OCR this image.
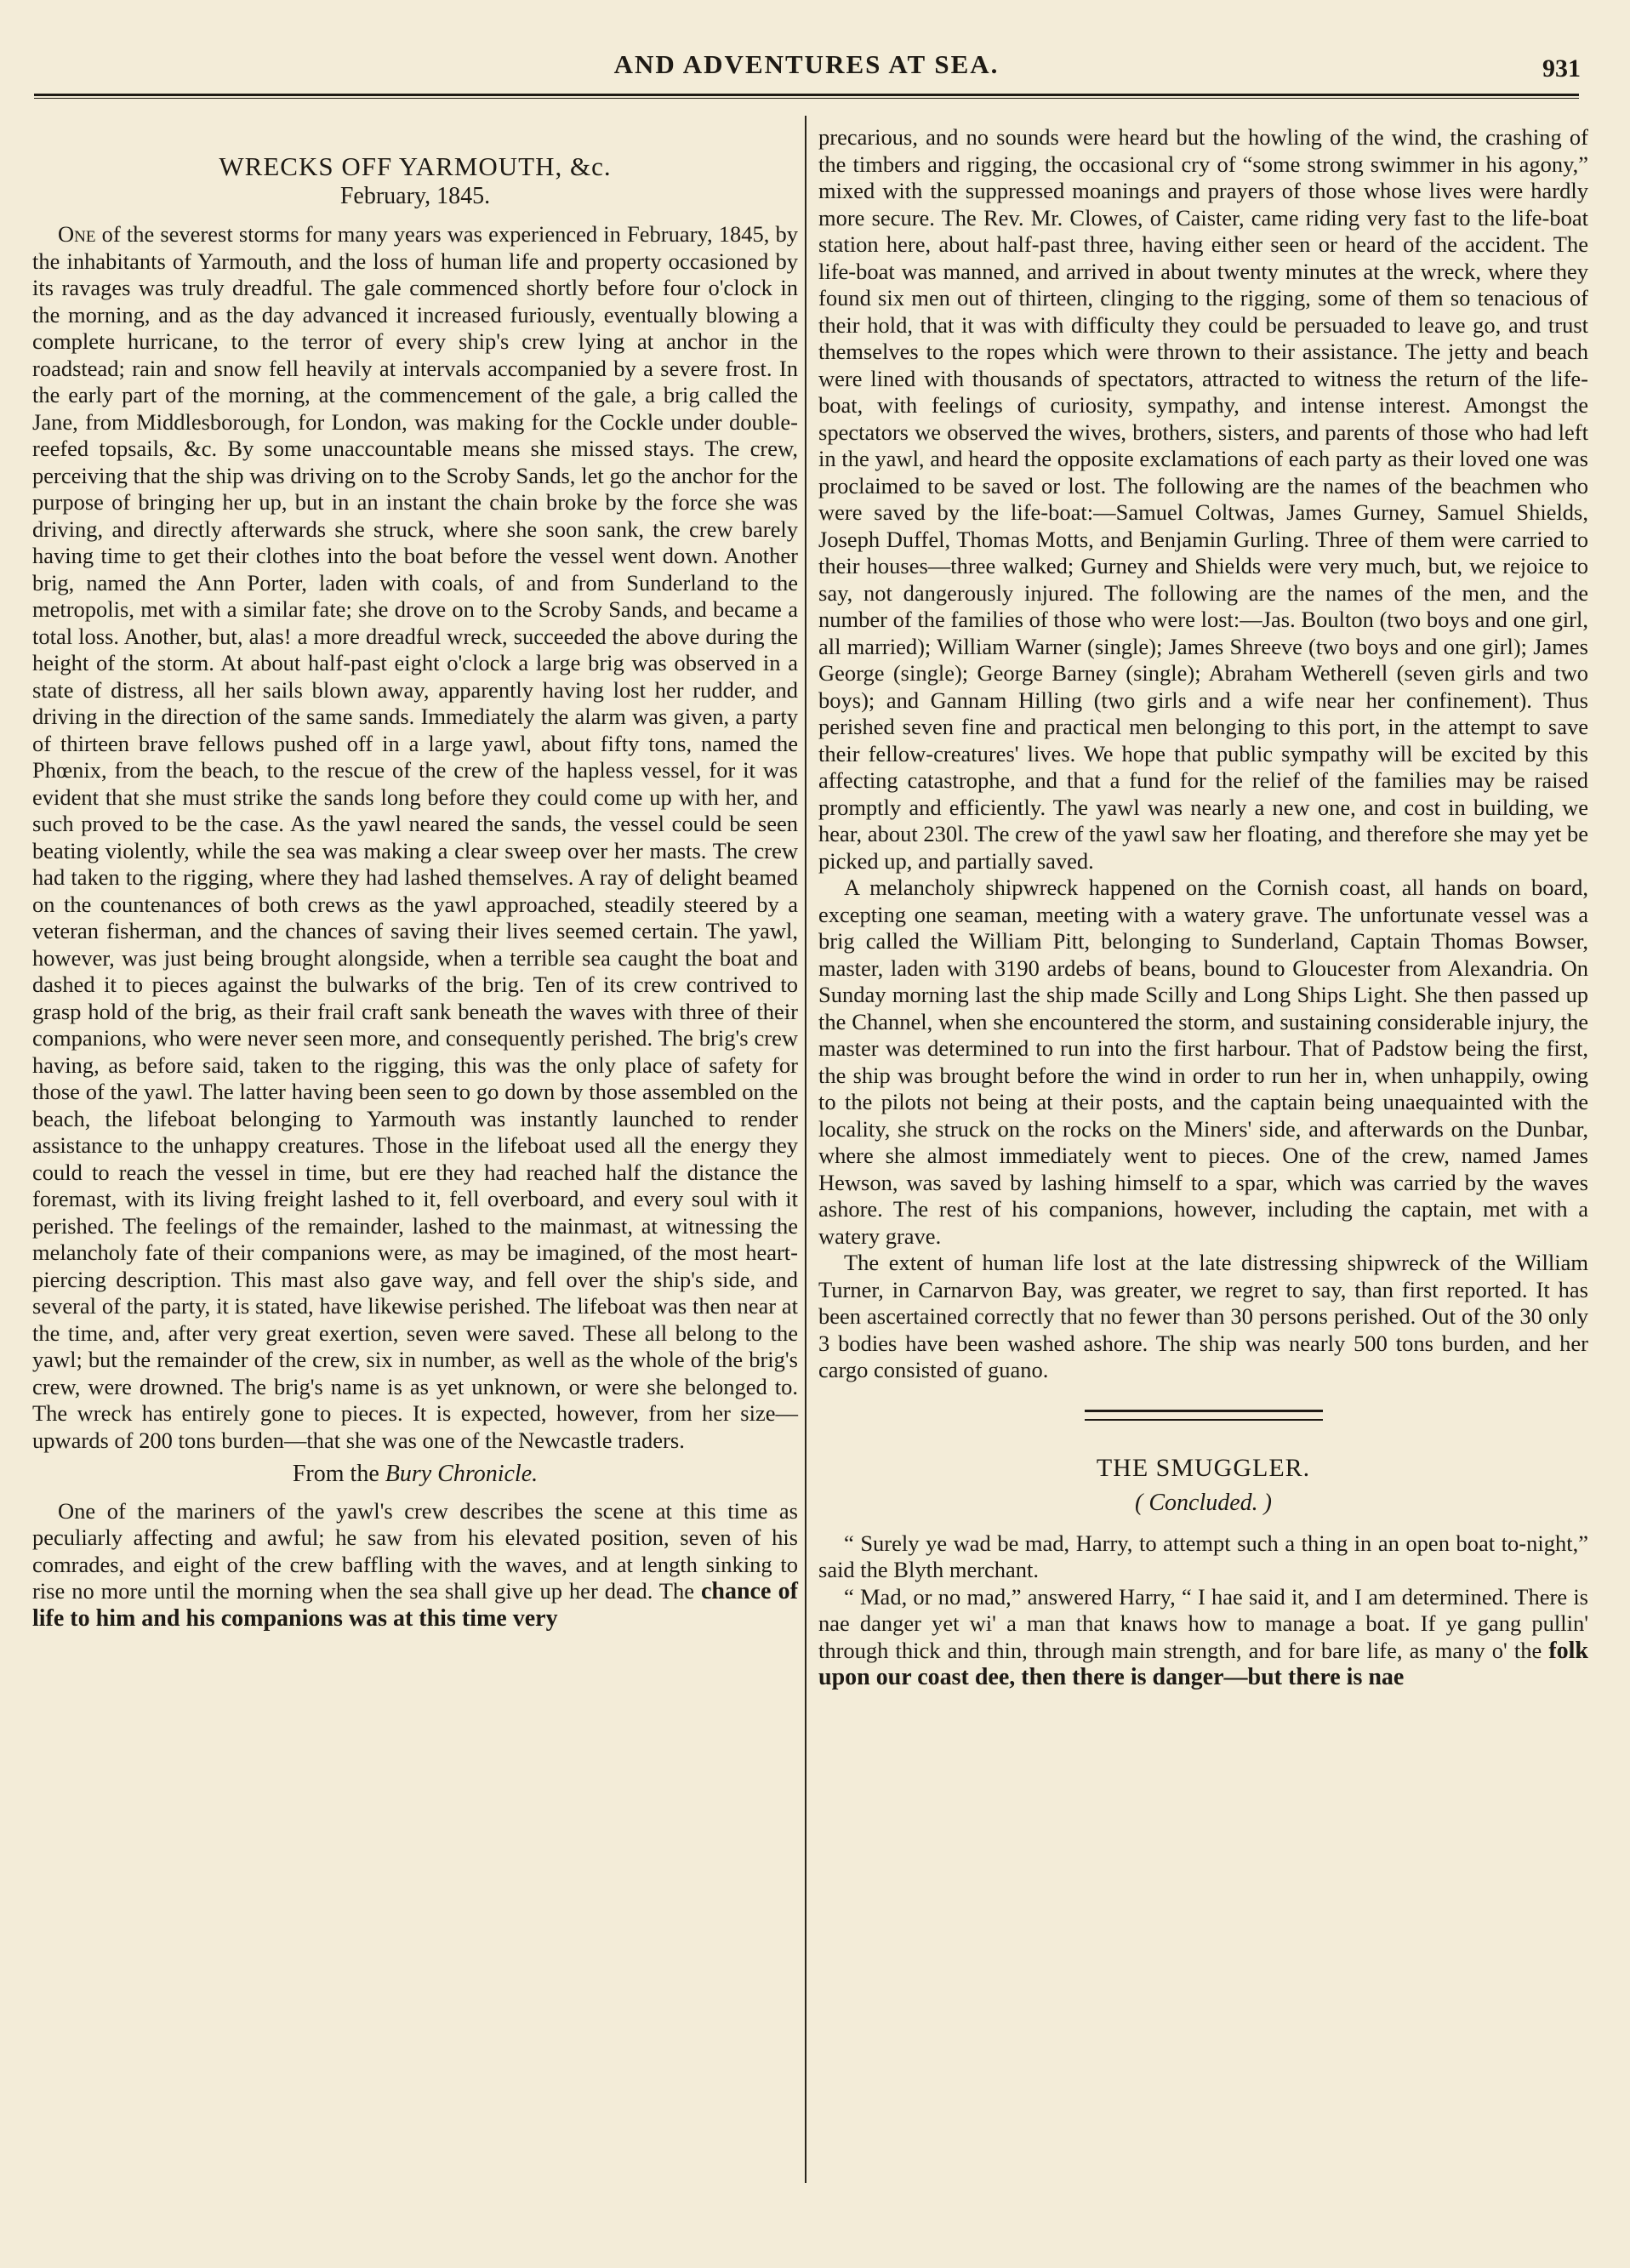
AND ADVENTURES AT SEA.	931
WRECKS OFF YARMOUTH, &c.
February, 1845.

One of the severest storms for many years was experienced in February, 1845, by the inhabitants of Yarmouth, and the loss of human life and property occasioned by its ravages was truly dreadful. The gale commenced shortly before four o'clock in the morning, and as the day advanced it increased furiously, eventually blowing a complete hurricane, to the terror of every ship's crew lying at anchor in the roadstead; rain and snow fell heavily at intervals accompanied by a severe frost. In the early part of the morning, at the commencement of the gale, a brig called the Jane, from Middlesborough, for London, was making for the Cockle under double-reefed topsails, &c. By some unaccountable means she missed stays. The crew, perceiving that the ship was driving on to the Scroby Sands, let go the anchor for the purpose of bringing her up, but in an instant the chain broke by the force she was driving, and directly afterwards she struck, where she soon sank, the crew barely having time to get their clothes into the boat before the vessel went down. Another brig, named the Ann Porter, laden with coals, of and from Sunderland to the metropolis, met with a similar fate; she drove on to the Scroby Sands, and became a total loss. Another, but, alas! a more dreadful wreck, succeeded the above during the height of the storm. At about half-past eight o'clock a large brig was observed in a state of distress, all her sails blown away, apparently having lost her rudder, and driving in the direction of the same sands. Immediately the alarm was given, a party of thirteen brave fellows pushed off in a large yawl, about fifty tons, named the Phœnix, from the beach, to the rescue of the crew of the hapless vessel, for it was evident that she must strike the sands long before they could come up with her, and such proved to be the case. As the yawl neared the sands, the vessel could be seen beating violently, while the sea was making a clear sweep over her masts. The crew had taken to the rigging, where they had lashed themselves. A ray of delight beamed on the countenances of both crews as the yawl approached, steadily steered by a veteran fisherman, and the chances of saving their lives seemed certain. The yawl, however, was just being brought alongside, when a terrible sea caught the boat and dashed it to pieces against the bulwarks of the brig. Ten of its crew contrived to grasp hold of the brig, as their frail craft sank beneath the waves with three of their companions, who were never seen more, and consequently perished. The brig's crew having, as before said, taken to the rigging, this was the only place of safety for those of the yawl. The latter having been seen to go down by those assembled on the beach, the lifeboat belonging to Yarmouth was instantly launched to render assistance to the unhappy creatures. Those in the lifeboat used all the energy they could to reach the vessel in time, but ere they had reached half the distance the foremast, with its living freight lashed to it, fell overboard, and every soul with it perished. The feelings of the remainder, lashed to the mainmast, at witnessing the melancholy fate of their companions were, as may be imagined, of the most heart-piercing description. This mast also gave way, and fell over the ship's side, and several of the party, it is stated, have likewise perished. The lifeboat was then near at the time, and, after very great exertion, seven were saved. These all belong to the yawl; but the remainder of the crew, six in number, as well as the whole of the brig's crew, were drowned. The brig's name is as yet unknown, or were she belonged to. The wreck has entirely gone to pieces. It is expected, however, from her size—upwards of 200 tons burden—that she was one of the Newcastle traders.

From the Bury Chronicle.

One of the mariners of the yawl's crew describes the scene at this time as peculiarly affecting and awful; he saw from his elevated position, seven of his comrades, and eight of the crew baffling with the waves, and at length sinking to rise no more until the morning when the sea shall give up her dead. The chance of life to him and his companions was at this time very

precarious, and no sounds were heard but the howling of the wind, the crashing of the timbers and rigging, the occasional cry of “some strong swimmer in his agony,” mixed with the suppressed moanings and prayers of those whose lives were hardly more secure. The Rev. Mr. Clowes, of Caister, came riding very fast to the life-boat station here, about half-past three, having either seen or heard of the accident. The life-boat was manned, and arrived in about twenty minutes at the wreck, where they found six men out of thirteen, clinging to the rigging, some of them so tenacious of their hold, that it was with difficulty they could be persuaded to leave go, and trust themselves to the ropes which were thrown to their assistance. The jetty and beach were lined with thousands of spectators, attracted to witness the return of the life-boat, with feelings of curiosity, sympathy, and intense interest. Amongst the spectators we observed the wives, brothers, sisters, and parents of those who had left in the yawl, and heard the opposite exclamations of each party as their loved one was proclaimed to be saved or lost. The following are the names of the beachmen who were saved by the life-boat:—Samuel Coltwas, James Gurney, Samuel Shields, Joseph Duffel, Thomas Motts, and Benjamin Gurling. Three of them were carried to their houses—three walked; Gurney and Shields were very much, but, we rejoice to say, not dangerously injured. The following are the names of the men, and the number of the families of those who were lost:—Jas. Boulton (two boys and one girl, all married); William Warner (single); James Shreeve (two boys and one girl); James George (single); George Barney (single); Abraham Wetherell (seven girls and two boys); and Gannam Hilling (two girls and a wife near her confinement). Thus perished seven fine and practical men belonging to this port, in the attempt to save their fellow-creatures' lives. We hope that public sympathy will be excited by this affecting catastrophe, and that a fund for the relief of the families may be raised promptly and efficiently. The yawl was nearly a new one, and cost in building, we hear, about 230l. The crew of the yawl saw her floating, and therefore she may yet be picked up, and partially saved.

A melancholy shipwreck happened on the Cornish coast, all hands on board, excepting one seaman, meeting with a watery grave. The unfortunate vessel was a brig called the William Pitt, belonging to Sunderland, Captain Thomas Bowser, master, laden with 3190 ardebs of beans, bound to Gloucester from Alexandria. On Sunday morning last the ship made Scilly and Long Ships Light. She then passed up the Channel, when she encountered the storm, and sustaining considerable injury, the master was determined to run into the first harbour. That of Padstow being the first, the ship was brought before the wind in order to run her in, when unhappily, owing to the pilots not being at their posts, and the captain being unaequainted with the locality, she struck on the rocks on the Miners' side, and afterwards on the Dunbar, where she almost immediately went to pieces. One of the crew, named James Hewson, was saved by lashing himself to a spar, which was carried by the waves ashore. The rest of his companions, however, including the captain, met with a watery grave.

The extent of human life lost at the late distressing shipwreck of the William Turner, in Carnarvon Bay, was greater, we regret to say, than first reported. It has been ascertained correctly that no fewer than 30 persons perished. Out of the 30 only 3 bodies have been washed ashore. The ship was nearly 500 tons burden, and her cargo consisted of guano.

THE SMUGGLER.
( Concluded. )

“ Surely ye wad be mad, Harry, to attempt such a thing in an open boat to-night,” said the Blyth merchant.

“ Mad, or no mad,” answered Harry, “ I hae said it, and I am determined. There is nae danger yet wi' a man that knaws how to manage a boat. If ye gang pullin' through thick and thin, through main strength, and for bare life, as many o' the folk upon our coast dee, then there is danger—but there is nae
